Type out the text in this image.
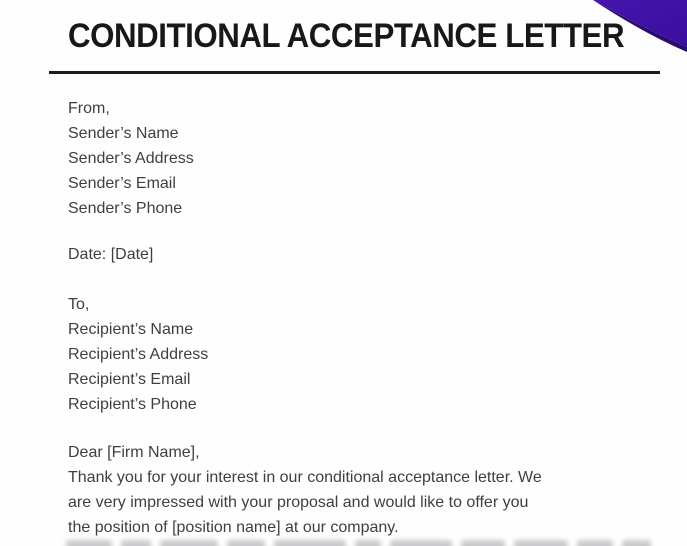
CONDITIONAL ACCEPTANCE LETTER
From,
Sender’s Name
Sender’s Address
Sender’s Email
Sender’s Phone
Date: [Date]
To,
Recipient’s Name
Recipient’s Address
Recipient’s Email
Recipient’s Phone
Dear [Firm Name],
Thank you for your interest in our conditional acceptance letter. We
are very impressed with your proposal and would like to offer you
the position of [position name] at our company.
